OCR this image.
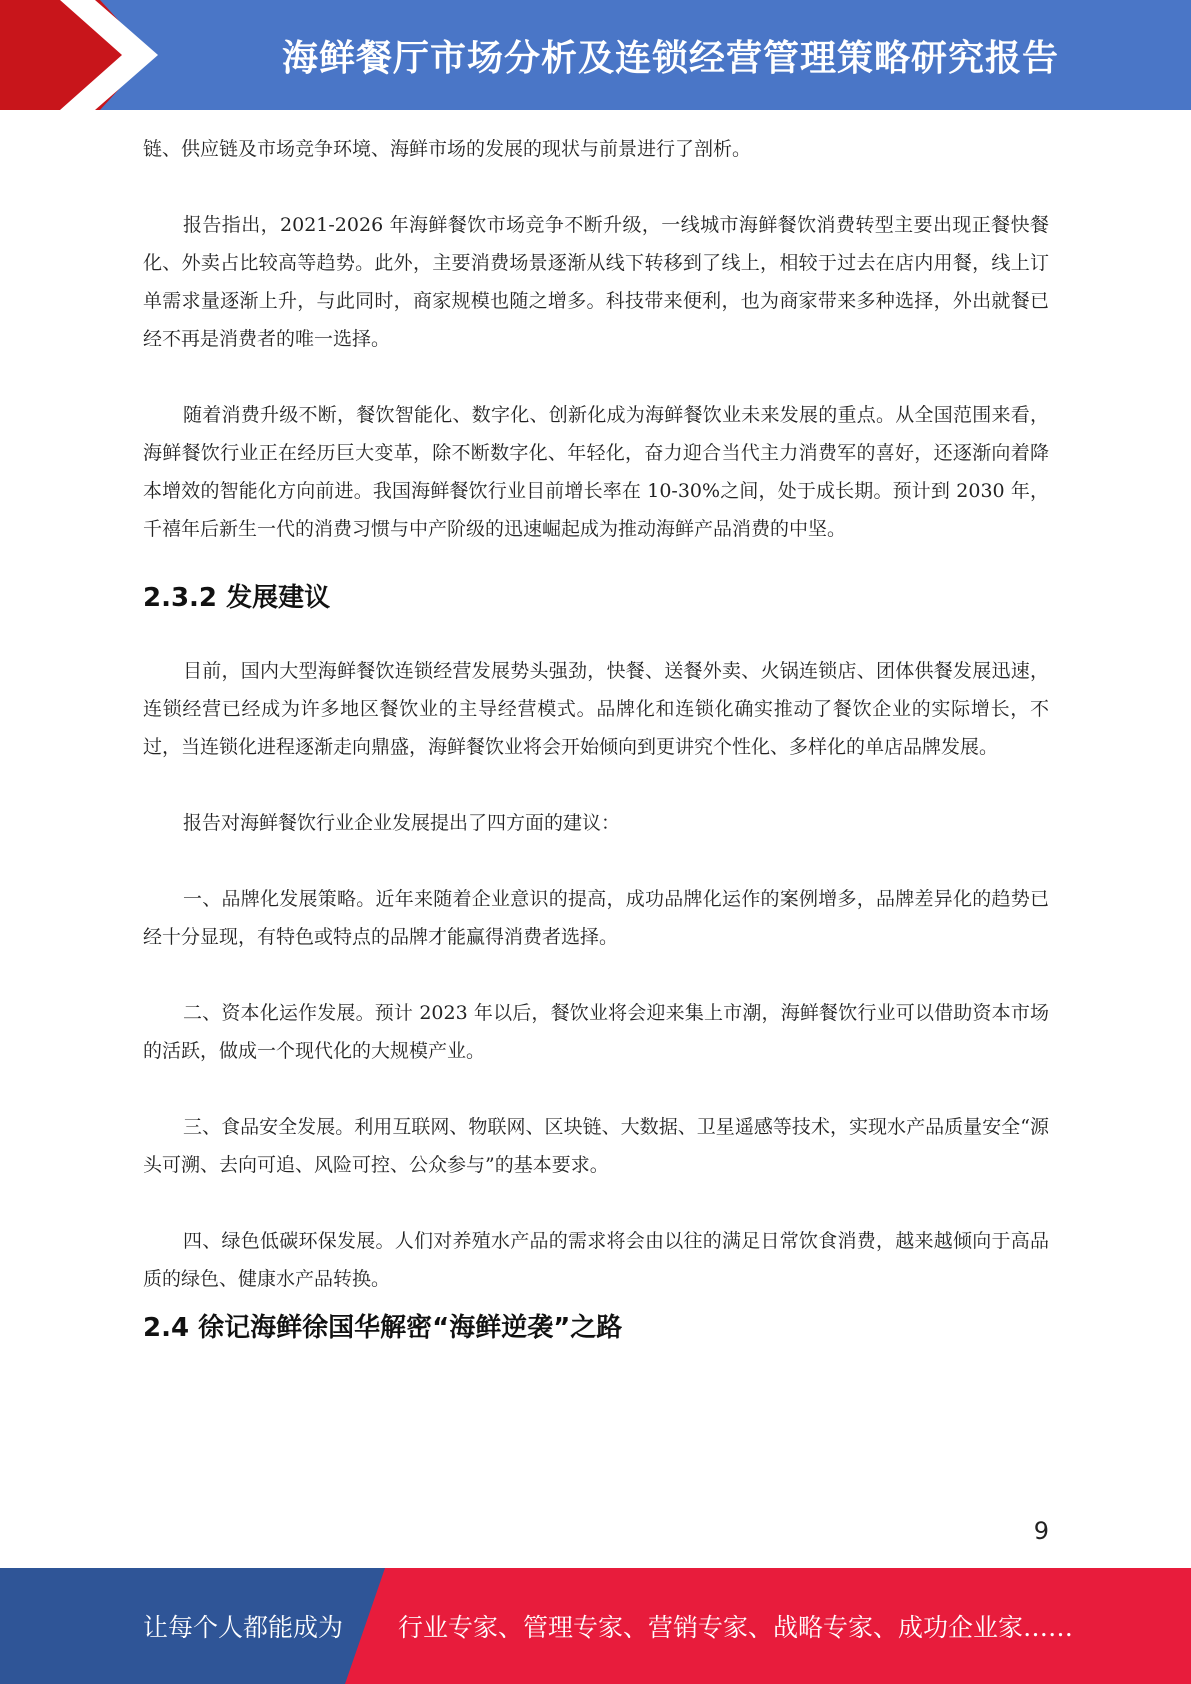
海鲜餐厅市场分析及连锁经营管理策略研究报告

链、供应链及市场竞争环境、海鲜市场的发展的现状与前景进行了剖析。

报告指出，2021-2026 年海鲜餐饮市场竞争不断升级，一线城市海鲜餐饮消费转型主要出现正餐快餐化、外卖占比较高等趋势。此外，主要消费场景逐渐从线下转移到了线上，相较于过去在店内用餐，线上订单需求量逐渐上升，与此同时，商家规模也随之增多。科技带来便利，也为商家带来多种选择，外出就餐已经不再是消费者的唯一选择。

随着消费升级不断，餐饮智能化、数字化、创新化成为海鲜餐饮业未来发展的重点。从全国范围来看，海鲜餐饮行业正在经历巨大变革，除不断数字化、年轻化，奋力迎合当代主力消费军的喜好，还逐渐向着降本增效的智能化方向前进。我国海鲜餐饮行业目前增长率在 10-30%之间，处于成长期。预计到 2030 年，千禧年后新生一代的消费习惯与中产阶级的迅速崛起成为推动海鲜产品消费的中坚。

2.3.2 发展建议

目前，国内大型海鲜餐饮连锁经营发展势头强劲，快餐、送餐外卖、火锅连锁店、团体供餐发展迅速，连锁经营已经成为许多地区餐饮业的主导经营模式。品牌化和连锁化确实推动了餐饮企业的实际增长，不过，当连锁化进程逐渐走向鼎盛，海鲜餐饮业将会开始倾向到更讲究个性化、多样化的单店品牌发展。

报告对海鲜餐饮行业企业发展提出了四方面的建议：

一、品牌化发展策略。近年来随着企业意识的提高，成功品牌化运作的案例增多，品牌差异化的趋势已经十分显现，有特色或特点的品牌才能赢得消费者选择。

二、资本化运作发展。预计 2023 年以后，餐饮业将会迎来集上市潮，海鲜餐饮行业可以借助资本市场的活跃，做成一个现代化的大规模产业。

三、食品安全发展。利用互联网、物联网、区块链、大数据、卫星遥感等技术，实现水产品质量安全“源头可溯、去向可追、风险可控、公众参与”的基本要求。

四、绿色低碳环保发展。人们对养殖水产品的需求将会由以往的满足日常饮食消费，越来越倾向于高品质的绿色、健康水产品转换。

2.4 徐记海鲜徐国华解密“海鲜逆袭”之路
9
让每个人都能成为 行业专家、管理专家、营销专家、战略专家、成功企业家……
